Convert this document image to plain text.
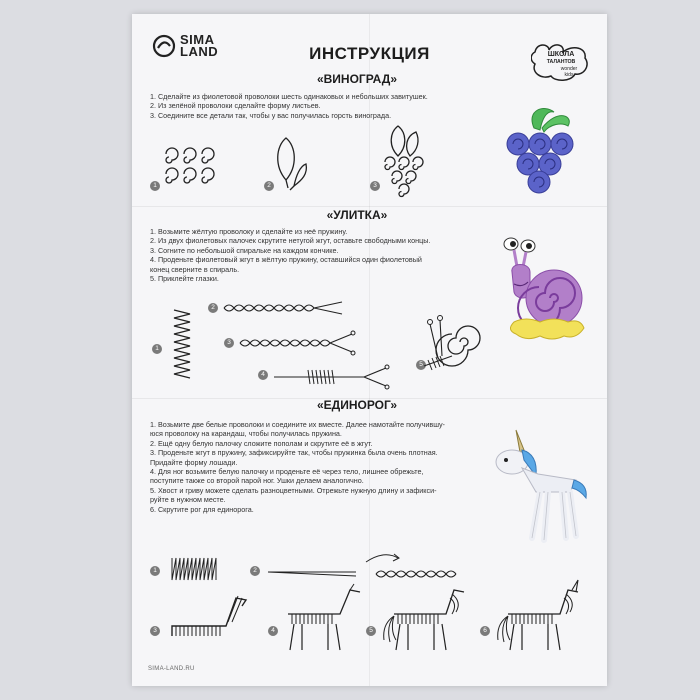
SIMA
LAND	ШКОЛА
ТАЛАНТОВ
wonder
kids
ИНСТРУКЦИЯ
«ВИНОГРАД»
1. Сделайте из фиолетовой проволоки шесть одинаковых и небольших завитушек.
2. Из зелёной проволоки сделайте форму листьев.
3. Соедините все детали так, чтобы у вас получилась горсть винограда.
1	2	3
«УЛИТКА»
1. Возьмите жёлтую проволоку и сделайте из неё пружину.
2. Из двух фиолетовых палочек скрутите нетугой жгут, оставьте свободными концы.
3. Согните по небольшой спиральке на каждом кончике.
4. Проденьте фиолетовый жгут в жёлтую пружину, оставшийся один фиолетовый
конец сверните в спираль.
5. Приклейте глазки.
1
2
3
4
5
«ЕДИНОРОГ»
1. Возьмите две белые проволоки и соедините их вместе. Далее намотайте получившу-
юся проволоку на карандаш, чтобы получилась пружина.
2. Ещё одну белую палочку сложите пополам и скрутите её в жгут.
3. Проденьте жгут в пружину, зафиксируйте так, чтобы пружинка была очень плотная.
Придайте форму лошади.
4. Для ног возьмите белую палочку и проденьте её через тело, лишнее обрежьте,
поступите также со второй парой ног. Ушки делаем аналогично.
5. Хвост и гриву можете сделать разноцветными. Отрежьте нужную длину и зафикси-
руйте в нужном месте.
6. Скрутите рог для единорога.
1	2
3	4	5	6
SIMA-LAND.RU
